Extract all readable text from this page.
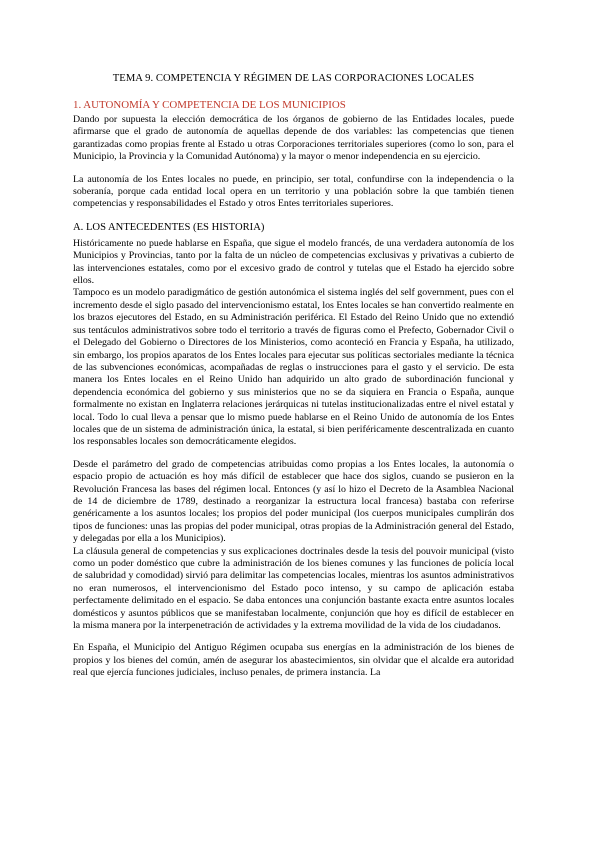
TEMA 9. COMPETENCIA Y RÉGIMEN DE LAS CORPORACIONES LOCALES
1. AUTONOMÍA Y COMPETENCIA DE LOS MUNICIPIOS

Dando por supuesta la elección democrática de los órganos de gobierno de las Entidades locales, puede afirmarse que el grado de autonomía de aquellas depende de dos variables: las competencias que tienen garantizadas como propias frente al Estado u otras Corporaciones territoriales superiores (como lo son, para el Municipio, la Provincia y la Comunidad Autónoma) y la mayor o menor independencia en su ejercicio.

La autonomía de los Entes locales no puede, en principio, ser total, confundirse con la independencia o la soberanía, porque cada entidad local opera en un territorio y una población sobre la que también tienen competencias y responsabilidades el Estado y otros Entes territoriales superiores.

A. LOS ANTECEDENTES (ES HISTORIA)

Históricamente no puede hablarse en España, que sigue el modelo francés, de una verdadera autonomía de los Municipios y Provincias, tanto por la falta de un núcleo de competencias exclusivas y privativas a cubierto de las intervenciones estatales, como por el excesivo grado de control y tutelas que el Estado ha ejercido sobre ellos.

Tampoco es un modelo paradigmático de gestión autonómica el sistema inglés del self government, pues con el incremento desde el siglo pasado del intervencionismo estatal, los Entes locales se han convertido realmente en los brazos ejecutores del Estado, en su Administración periférica. El Estado del Reino Unido que no extendió sus tentáculos administrativos sobre todo el territorio a través de figuras como el Prefecto, Gobernador Civil o el Delegado del Gobierno o Directores de los Ministerios, como aconteció en Francia y España, ha utilizado, sin embargo, los propios aparatos de los Entes locales para ejecutar sus políticas sectoriales mediante la técnica de las subvenciones económicas, acompañadas de reglas o instrucciones para el gasto y el servicio. De esta manera los Entes locales en el Reino Unido han adquirido un alto grado de subordinación funcional y dependencia económica del gobierno y sus ministerios que no se da siquiera en Francia o España, aunque formalmente no existan en Inglaterra relaciones jerárquicas ni tutelas institucionalizadas entre el nivel estatal y local. Todo lo cual lleva a pensar que lo mismo puede hablarse en el Reino Unido de autonomía de los Entes locales que de un sistema de administración única, la estatal, si bien periféricamente descentralizada en cuanto los responsables locales son democráticamente elegidos.

Desde el parámetro del grado de competencias atribuidas como propias a los Entes locales, la autonomía o espacio propio de actuación es hoy más difícil de establecer que hace dos siglos, cuando se pusieron en la Revolución Francesa las bases del régimen local. Entonces (y así lo hizo el Decreto de la Asamblea Nacional de 14 de diciembre de 1789, destinado a reorganizar la estructura local francesa) bastaba con referirse genéricamente a los asuntos locales; los propios del poder municipal (los cuerpos municipales cumplirán dos tipos de funciones: unas las propias del poder municipal, otras propias de la Administración general del Estado, y delegadas por ella a los Municipios).

La cláusula general de competencias y sus explicaciones doctrinales desde la tesis del pouvoir municipal (visto como un poder doméstico que cubre la administración de los bienes comunes y las funciones de policía local de salubridad y comodidad) sirvió para delimitar las competencias locales, mientras los asuntos administrativos no eran numerosos, el intervencionismo del Estado poco intenso, y su campo de aplicación estaba perfectamente delimitado en el espacio. Se daba entonces una conjunción bastante exacta entre asuntos locales domésticos y asuntos públicos que se manifestaban localmente, conjunción que hoy es difícil de establecer en la misma manera por la interpenetración de actividades y la extrema movilidad de la vida de los ciudadanos.

En España, el Municipio del Antiguo Régimen ocupaba sus energías en la administración de los bienes de propios y los bienes del común, amén de asegurar los abastecimientos, sin olvidar que el alcalde era autoridad real que ejercía funciones judiciales, incluso penales, de primera instancia. La
